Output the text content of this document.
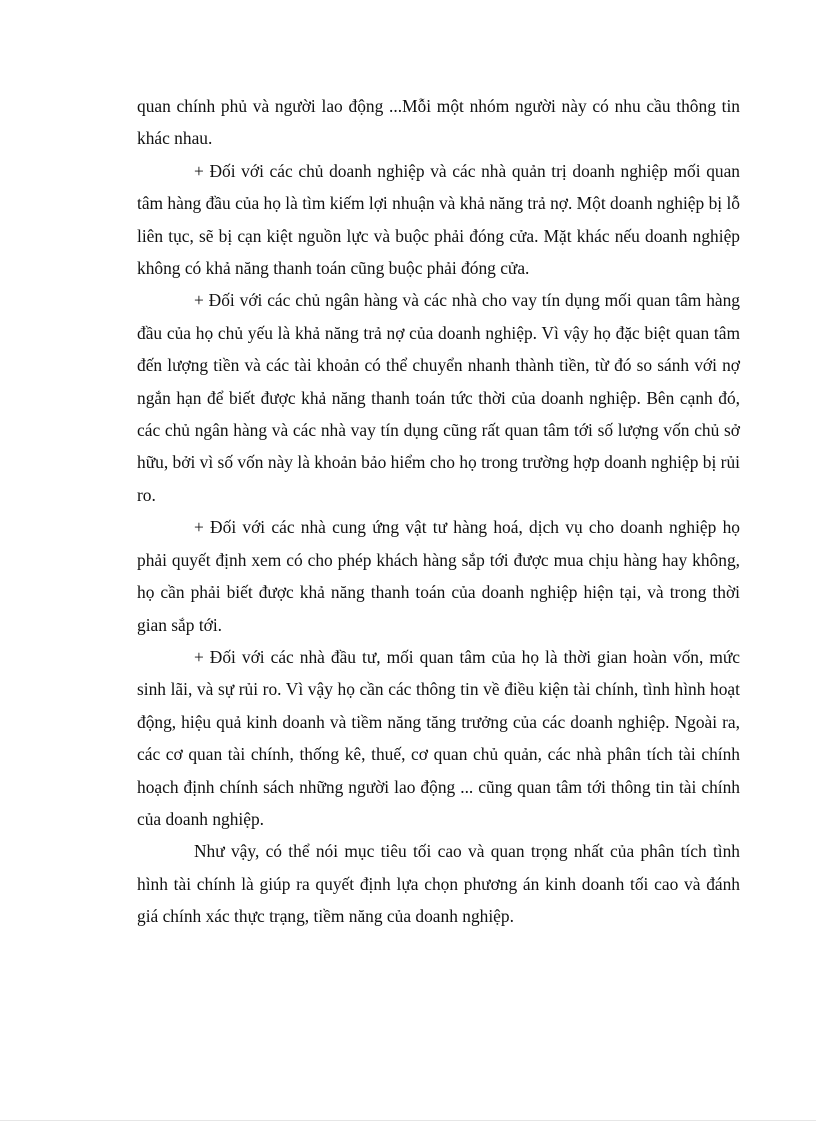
quan chính phủ và người lao động ...Mỗi một nhóm người này có nhu cầu thông tin khác nhau.

+ Đối với các chủ doanh nghiệp và các nhà quản trị doanh nghiệp mối quan tâm hàng đầu của họ là tìm kiếm lợi nhuận và khả năng trả nợ. Một doanh nghiệp bị lỗ liên tục, sẽ bị cạn kiệt nguồn lực và buộc phải đóng cửa. Mặt khác nếu doanh nghiệp không có khả năng thanh toán cũng buộc phải đóng cửa.

+ Đối với các chủ ngân hàng và các nhà cho vay tín dụng mối quan tâm hàng đầu của họ chủ yếu là khả năng trả nợ của doanh nghiệp. Vì vậy họ đặc biệt quan tâm đến lượng tiền và các tài khoản có thể chuyển nhanh thành tiền, từ đó so sánh với nợ ngắn hạn để biết được khả năng thanh toán tức thời của doanh nghiệp. Bên cạnh đó, các chủ ngân hàng và các nhà vay tín dụng cũng rất quan tâm tới số lượng vốn chủ sở hữu, bởi vì số vốn này là khoản bảo hiểm cho họ trong trường hợp doanh nghiệp bị rủi ro.

+ Đối với các nhà cung ứng vật tư hàng hoá, dịch vụ cho doanh nghiệp họ phải quyết định xem có cho phép khách hàng sắp tới được mua chịu hàng hay không, họ cần phải biết được khả năng thanh toán của doanh nghiệp hiện tại, và trong thời gian sắp tới.

+ Đối với các nhà đầu tư, mối quan tâm của họ là thời gian hoàn vốn, mức sinh lãi, và sự rủi ro. Vì vậy họ cần các thông tin về điều kiện tài chính, tình hình hoạt động, hiệu quả kinh doanh và tiềm năng tăng trưởng của các doanh nghiệp. Ngoài ra, các cơ quan tài chính, thống kê, thuế, cơ quan chủ quản, các nhà phân tích tài chính hoạch định chính sách những người lao động ... cũng quan tâm tới thông tin tài chính của doanh nghiệp.

Như vậy, có thể nói mục tiêu tối cao và quan trọng nhất của phân tích tình hình tài chính là giúp ra quyết định lựa chọn phương án kinh doanh tối cao và đánh giá chính xác thực trạng, tiềm năng của doanh nghiệp.
